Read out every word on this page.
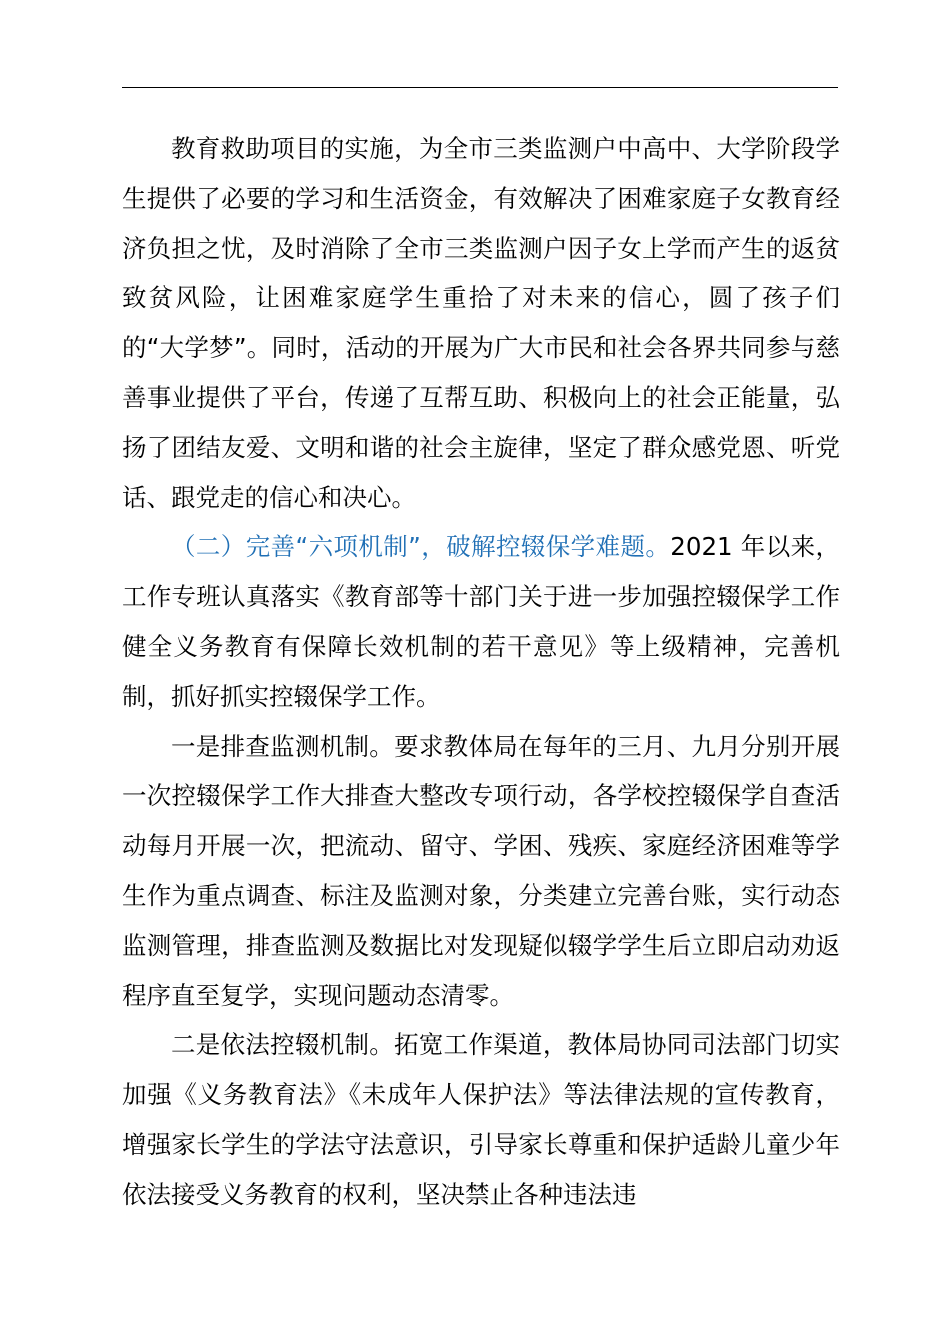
教育救助项目的实施，为全市三类监测户中高中、大学阶段学生提供了必要的学习和生活资金，有效解决了困难家庭子女教育经济负担之忧，及时消除了全市三类监测户因子女上学而产生的返贫致贫风险，让困难家庭学生重拾了对未来的信心，圆了孩子们的“大学梦”。同时，活动的开展为广大市民和社会各界共同参与慈善事业提供了平台，传递了互帮互助、积极向上的社会正能量，弘扬了团结友爱、文明和谐的社会主旋律，坚定了群众感党恩、听党话、跟党走的信心和决心。

（二）完善“六项机制”，破解控辍保学难题。2021 年以来，工作专班认真落实《教育部等十部门关于进一步加强控辍保学工作健全义务教育有保障长效机制的若干意见》等上级精神，完善机制，抓好抓实控辍保学工作。

一是排查监测机制。要求教体局在每年的三月、九月分别开展一次控辍保学工作大排查大整改专项行动，各学校控辍保学自查活动每月开展一次，把流动、留守、学困、残疾、家庭经济困难等学生作为重点调查、标注及监测对象，分类建立完善台账，实行动态监测管理，排查监测及数据比对发现疑似辍学学生后立即启动劝返程序直至复学，实现问题动态清零。

二是依法控辍机制。拓宽工作渠道，教体局协同司法部门切实加强《义务教育法》《未成年人保护法》等法律法规的宣传教育，增强家长学生的学法守法意识，引导家长尊重和保护适龄儿童少年依法接受义务教育的权利，坚决禁止各种违法违
